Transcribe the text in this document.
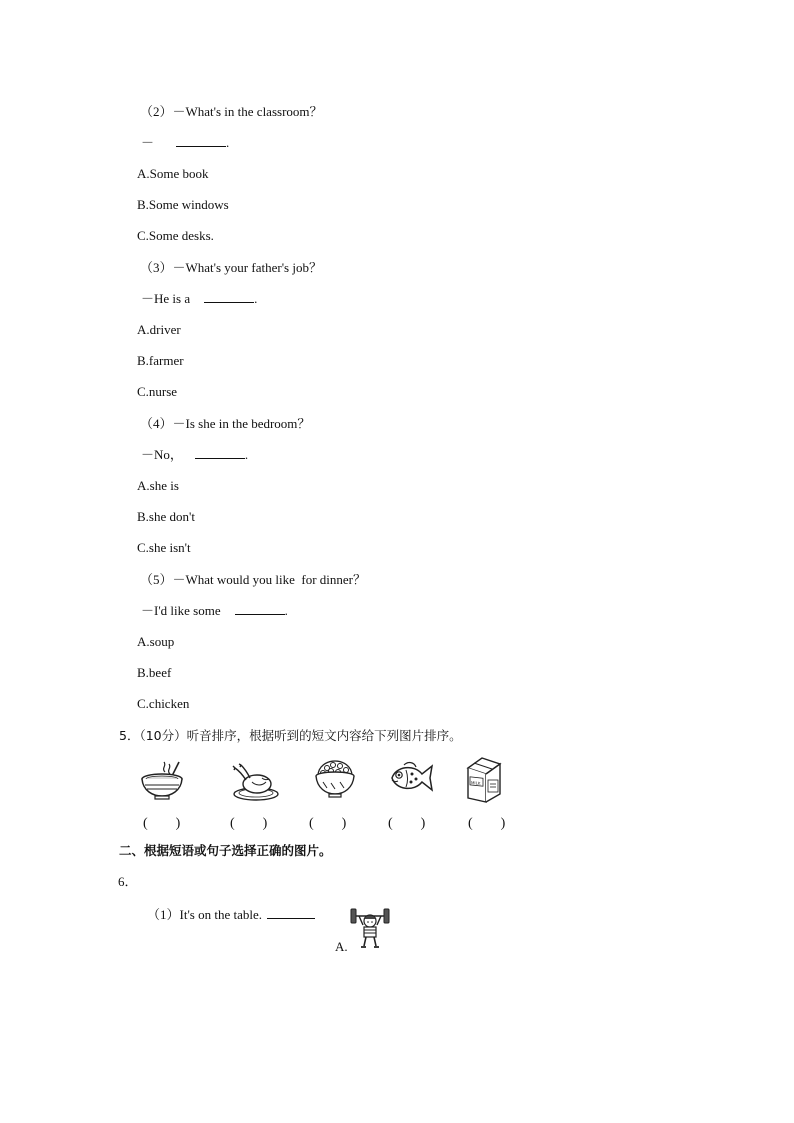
（2）－What's in the classroom？
－	.
A.Some book
B.Some windows
C.Some desks.
（3）－What's your father's job？
－He is a	.
A.driver
B.farmer
C.nurse
（4）－Is she in the bedroom？
－No，	.
A.she is
B.she don't
C.she isn't
（5）－What would you like  for dinner？
－I'd like some	.
A.soup
B.beef
C.chicken
5．（10分）听音排序，根据听到的短文内容给下列图片排序。
MILK
(　　)	(　　)	(　　)	(　　)	(　　)
二、根据短语或句子选择正确的图片。
6．
（1）It's on the table.
A.
